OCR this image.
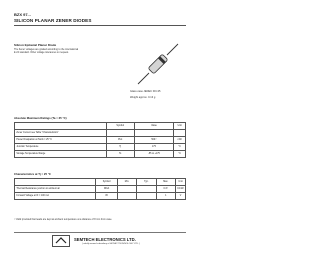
BZX 97...
SILICON PLANAR ZENER DIODES
Silicon Epitaxial Planar Diode
The Zener voltages are graded according to the international
E 24 standard. Other voltage tolerances on request.
Glass case JEDEC DO-35
Weight approx. 0.13 g
Absolute Maximum Ratings (Ta = 25 °C)
	Symbol	Value	Unit
Zener Current see Table "Characteristics"			
Power Dissipation at Tamb = 25 °C	Ptot	500¹⁾	mW
Junction Temperature	Tj	175	°C
Storage Temperature Range	Ts	-55 to +175	°C
Characteristics at Tj = 25 °C
	Symbol	Min.	Typ.	Max.	Unit
Thermal Resistance junction to ambient air	RthA			0.3¹⁾	K/mW
Forward Voltage at IF = 100 mA	VF			1	V
¹⁾ Valid provided that leads are kept at ambient temperature at a distance of 8 mm from case.
SEMTECH ELECTRONICS LTD.
( wholly owned subsidiary of HONEY TECHNOLOGY LTD. )
